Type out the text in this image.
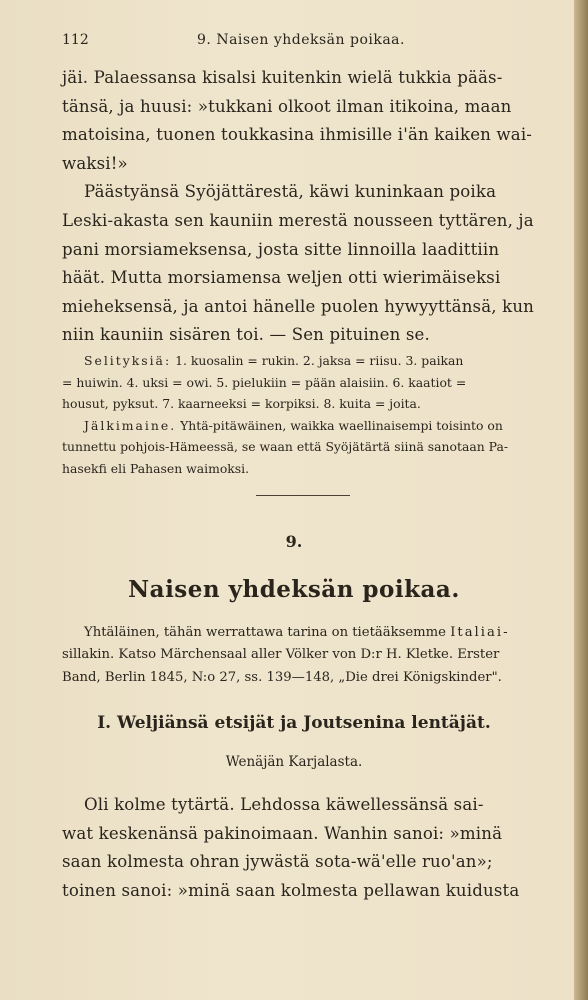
112	9. Naisen yhdeksän poikaa.

jäi. Palaessansa kisalsi kuitenkin wielä tukkia pääs-

tänsä, ja huusi: »tukkani olkoot ilman itikoina, maan

matoisina, tuonen toukkasina ihmisille i'än kaiken wai-

waksi!»

Päästyänsä Syöjättärestä, käwi kuninkaan poika

Leski-akasta sen kauniin merestä nousseen tyttären, ja

pani morsiameksensa, josta sitte linnoilla laadittiin

häät. Mutta morsiamensa weljen otti wierimäiseksi

mieheksensä, ja antoi hänelle puolen hywyyttänsä, kun

niin kauniin sisären toi. — Sen pituinen se.

Selityksiä: 1. kuosalin = rukin. 2. jaksa = riisu. 3. paikan

= huiwin. 4. uksi = owi. 5. pielukiin = pään alaisiin. 6. kaatiot =

housut, pyksut. 7. kaarneeksi = korpiksi. 8. kuita = joita.

Jälkimaine. Yhtä-pitäwäinen, waikka waellinaisempi toisinto on

tunnettu pohjois-Hämeessä, se waan että Syöjätärtä siinä sanotaan Pa-

hasekfi eli Pahasen waimoksi.

9.
Naisen yhdeksän poikaa.

Yhtäläinen, tähän werrattawa tarina on tietääksemme Italiai-

sillakin. Katso Märchensaal aller Völker von D:r H. Kletke. Erster

Band, Berlin 1845, N:o 27, ss. 139—148, „Die drei Königskinder".

I. Weljiänsä etsijät ja Joutsenina lentäjät.
Wenäjän Karjalasta.

Oli kolme tytärtä. Lehdossa käwellessänsä sai-

wat keskenänsä pakinoimaan. Wanhin sanoi: »minä

saan kolmesta ohran jywästä sota-wä'elle ruo'an»;

toinen sanoi: »minä saan kolmesta pellawan kuidusta
